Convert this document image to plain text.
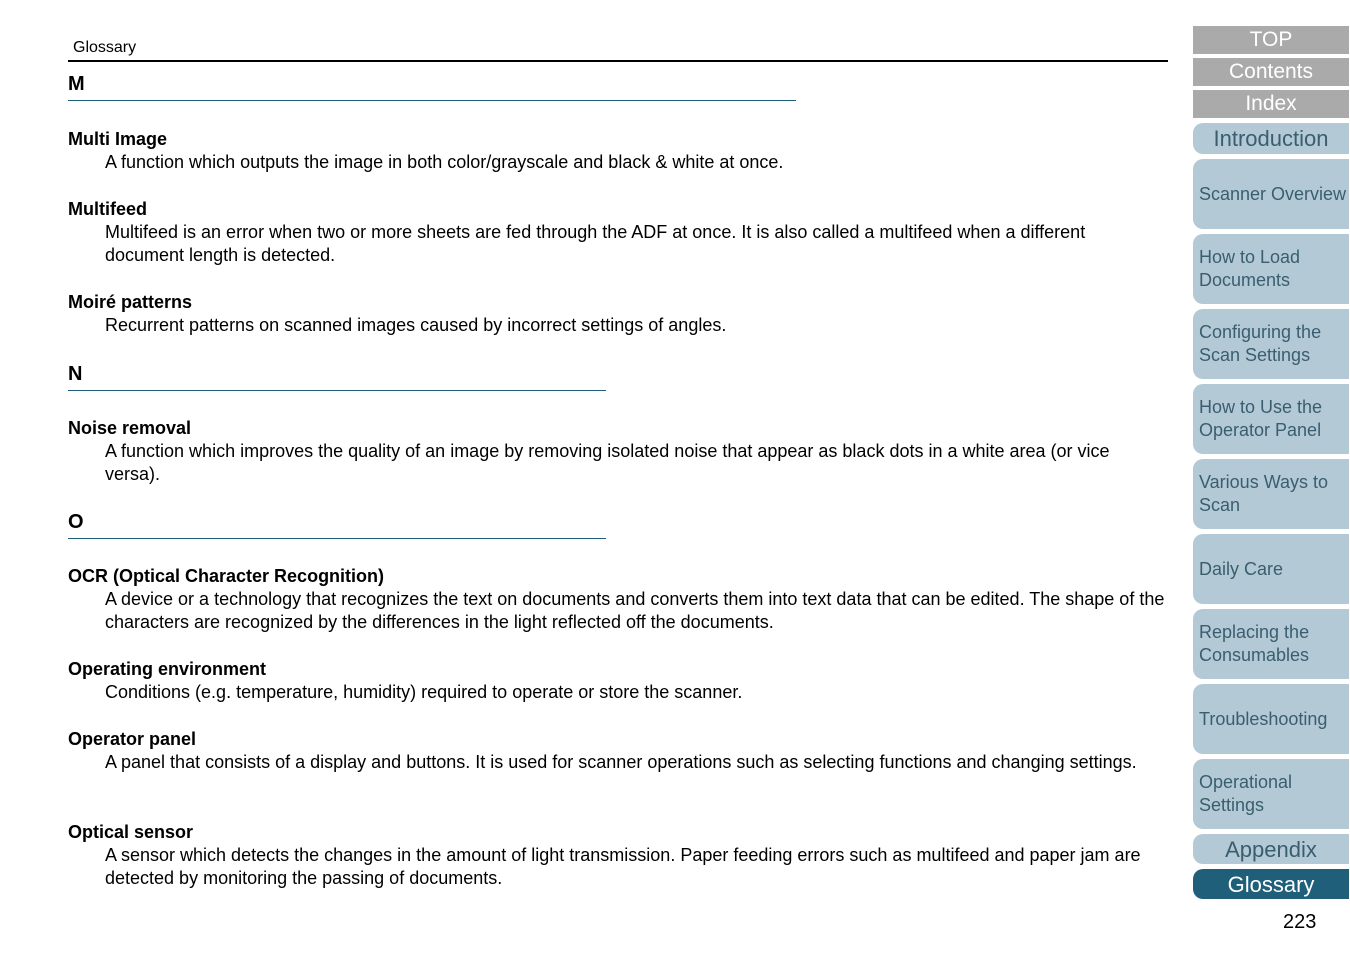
Glossary
M
Multi Image
A function which outputs the image in both color/grayscale and black & white at once.
Multifeed
Multifeed is an error when two or more sheets are fed through the ADF at once. It is also called a multifeed when a different document length is detected.
Moiré patterns
Recurrent patterns on scanned images caused by incorrect settings of angles.
N
Noise removal
A function which improves the quality of an image by removing isolated noise that appear as black dots in a white area (or vice versa).
O
OCR (Optical Character Recognition)
A device or a technology that recognizes the text on documents and converts them into text data that can be edited. The shape of the characters are recognized by the differences in the light reflected off the documents.
Operating environment
Conditions (e.g. temperature, humidity) required to operate or store the scanner.
Operator panel
A panel that consists of a display and buttons. It is used for scanner operations such as selecting functions and changing settings.
Optical sensor
A sensor which detects the changes in the amount of light transmission. Paper feeding errors such as multifeed and paper jam are detected by monitoring the passing of documents.
TOP
Contents
Index
Introduction
Scanner Overview
How to Load Documents
Configuring the Scan Settings
How to Use the Operator Panel
Various Ways to Scan
Daily Care
Replacing the Consumables
Troubleshooting
Operational Settings
Appendix
Glossary
223
